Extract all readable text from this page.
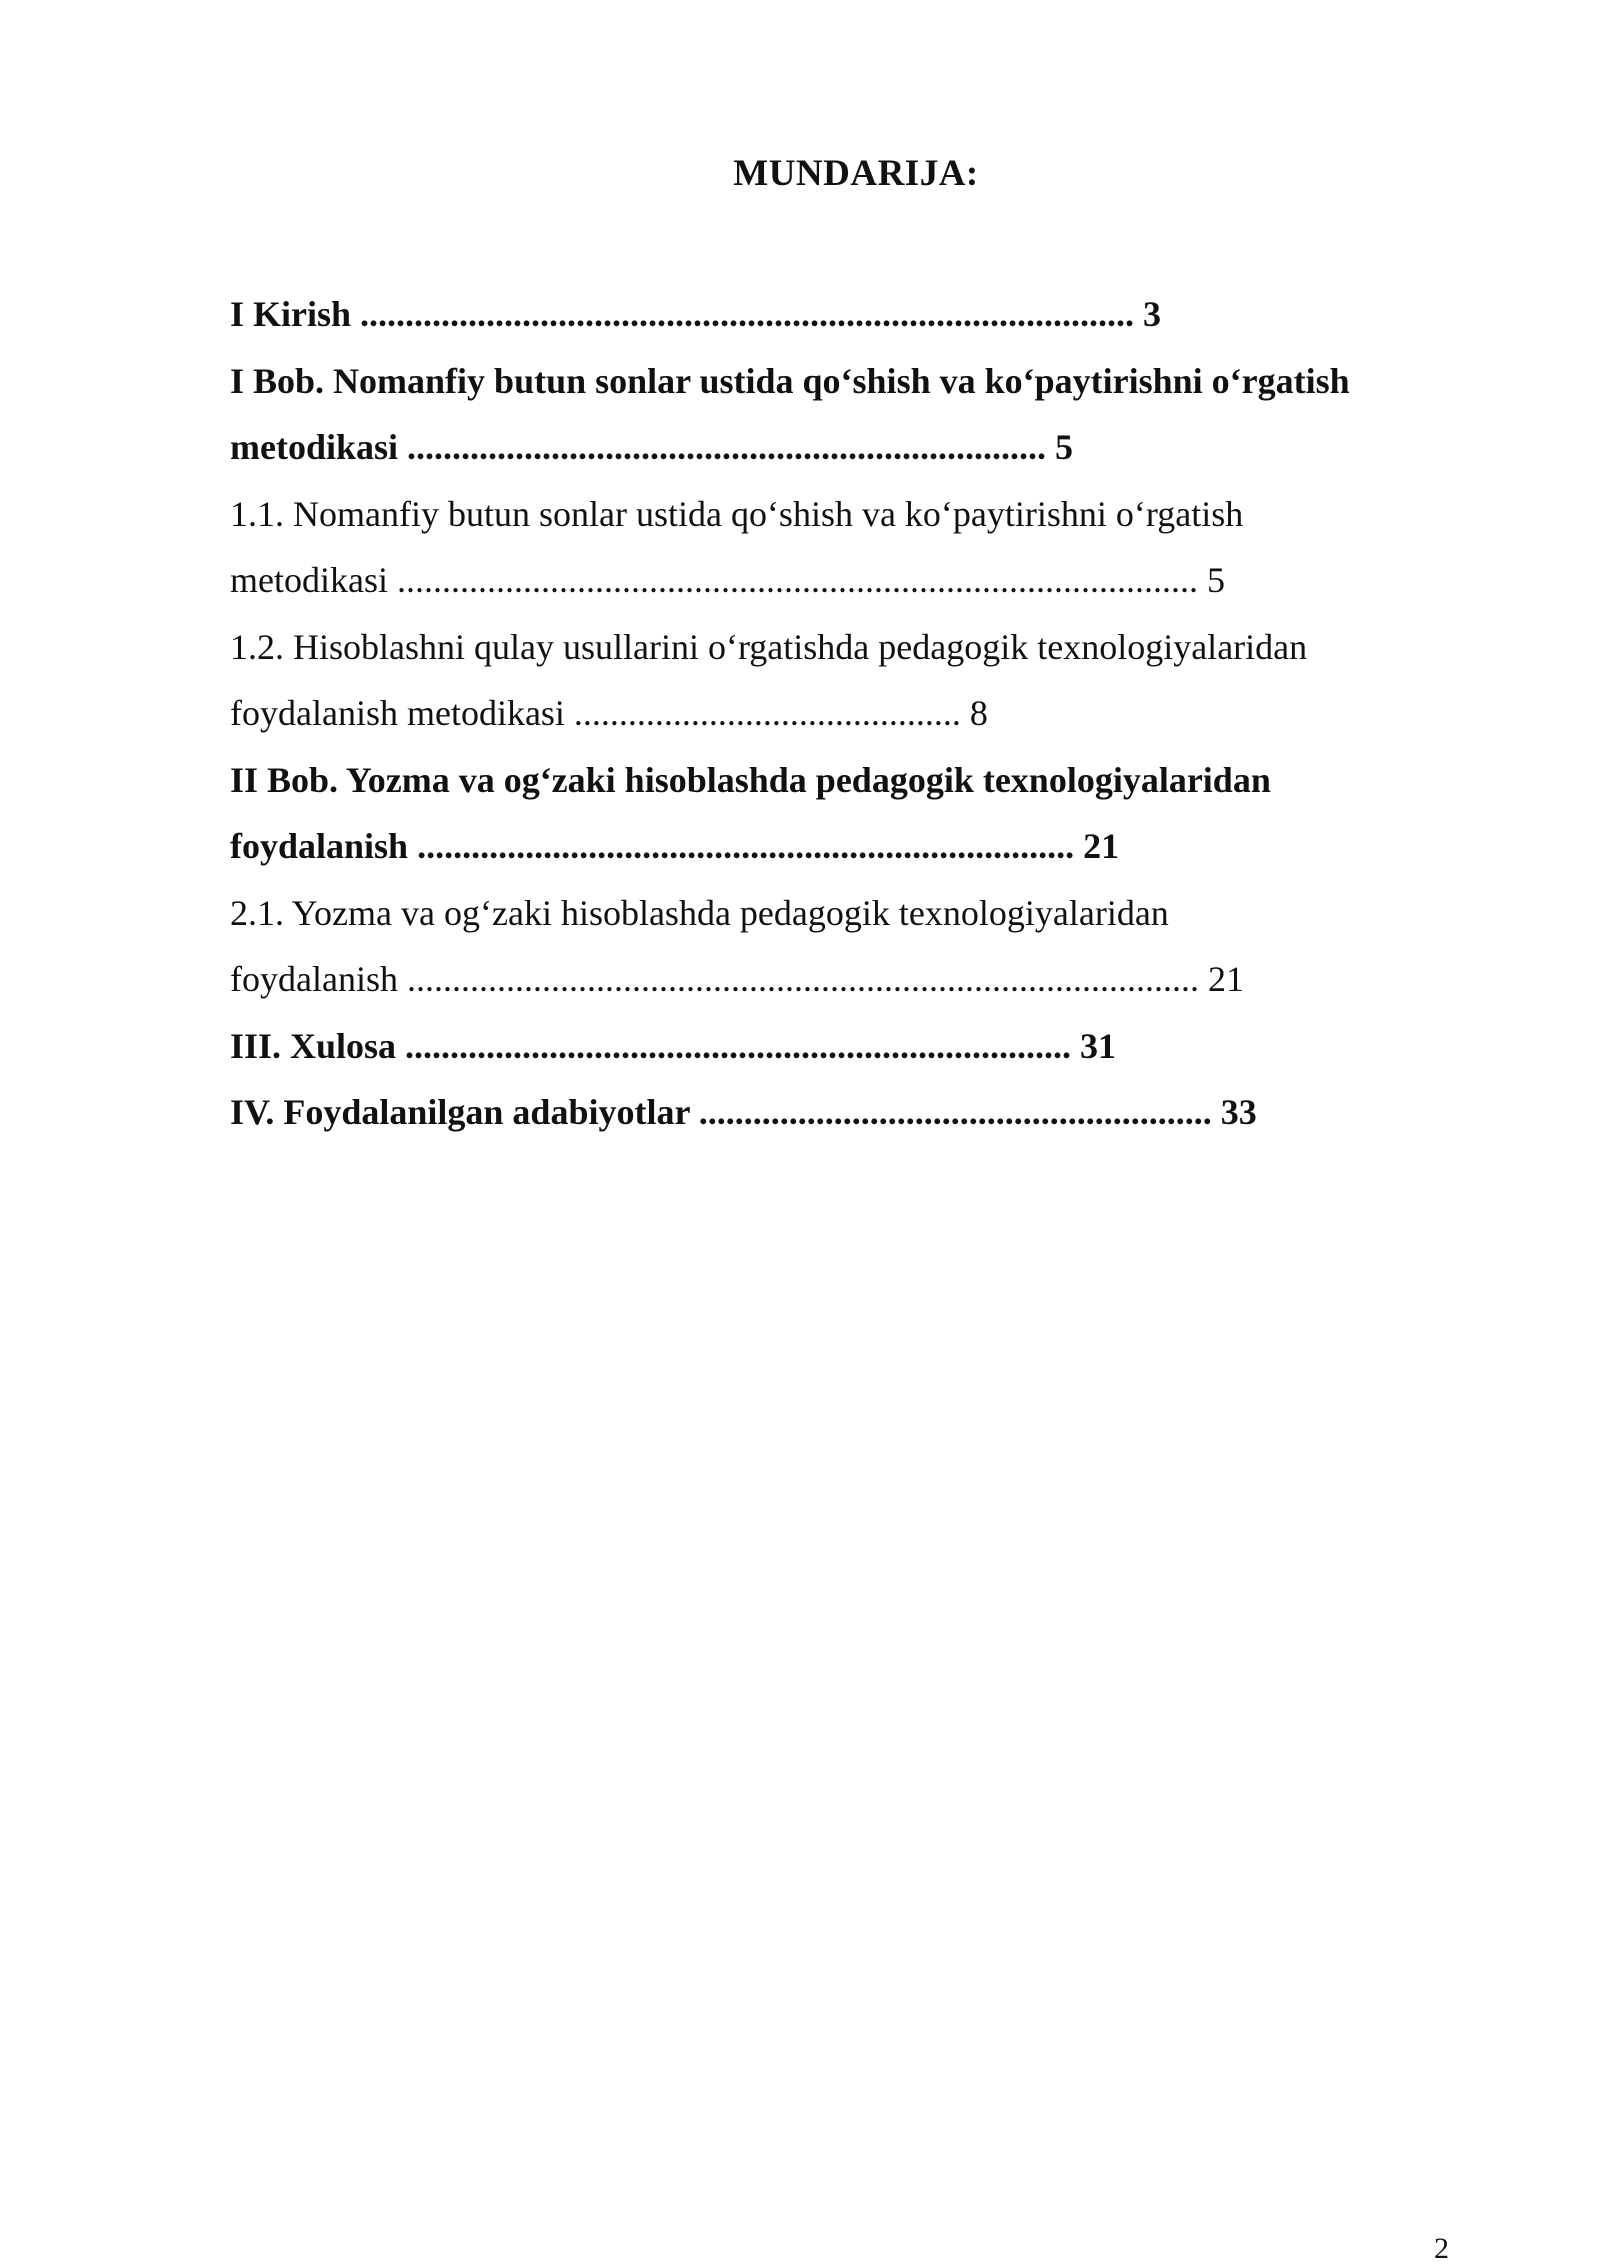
MUNDARIJA:
I Kirish ...................................................................................... 3
I Bob. Nomanfiy butun sonlar ustida qo‘shish va ko‘paytirishni o‘rgatish
metodikasi ....................................................................... 5
1.1. Nomanfiy butun sonlar ustida qo‘shish va ko‘paytirishni o‘rgatish
metodikasi ......................................................................................... 5
1.2. Hisoblashni qulay usullarini o‘rgatishda pedagogik texnologiyalaridan
foydalanish metodikasi ........................................... 8
II Bob. Yozma va og‘zaki hisoblashda pedagogik texnologiyalaridan
foydalanish ......................................................................... 21
2.1. Yozma va og‘zaki hisoblashda pedagogik texnologiyalaridan
foydalanish ........................................................................................ 21
III. Xulosa .......................................................................... 31
IV. Foydalanilgan adabiyotlar ......................................................... 33
2
